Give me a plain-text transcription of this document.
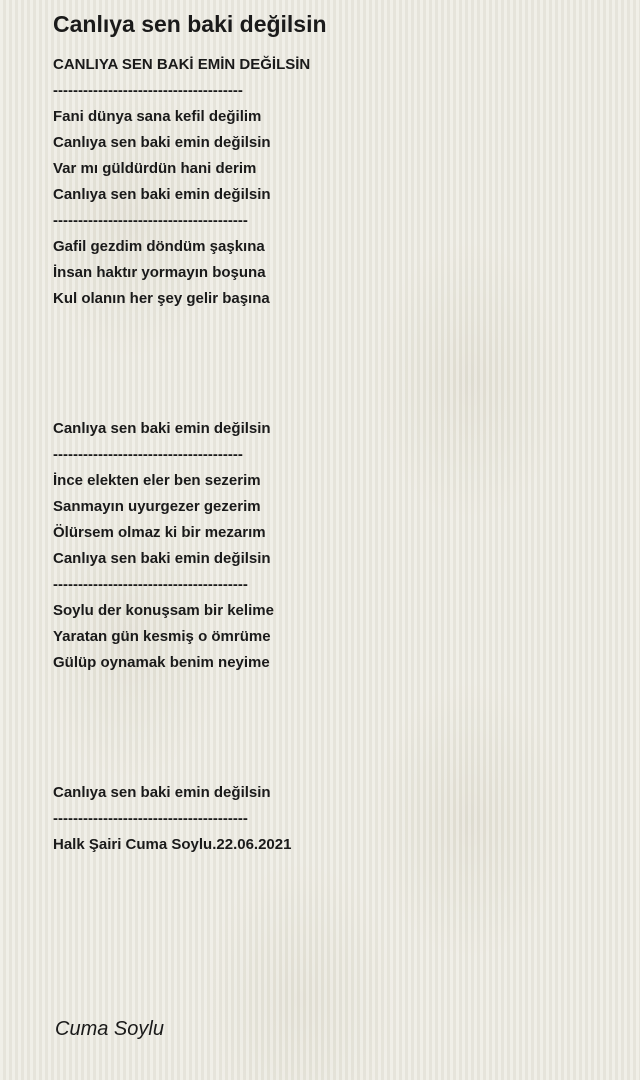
Canlıya sen baki değilsin
CANLIYA SEN BAKİ EMİN DEĞİLSİN
--------------------------------------
Fani dünya sana kefil değilim
Canlıya sen baki emin değilsin
Var mı güldürdün hani derim
Canlıya sen baki emin değilsin
---------------------------------------
Gafil gezdim döndüm şaşkına
İnsan haktır yormayın boşuna
Kul olanın her şey gelir başına
Canlıya sen baki emin değilsin
--------------------------------------
İnce elekten eler ben sezerim
Sanmayın uyurgezer gezerim
Ölürsem olmaz ki bir mezarım
Canlıya sen baki emin değilsin
---------------------------------------
Soylu der konuşsam bir kelime
Yaratan gün kesmiş o ömrüme
Gülüp oynamak benim neyime
Canlıya sen baki emin değilsin
---------------------------------------
Halk Şairi Cuma Soylu.22.06.2021
Cuma Soylu
